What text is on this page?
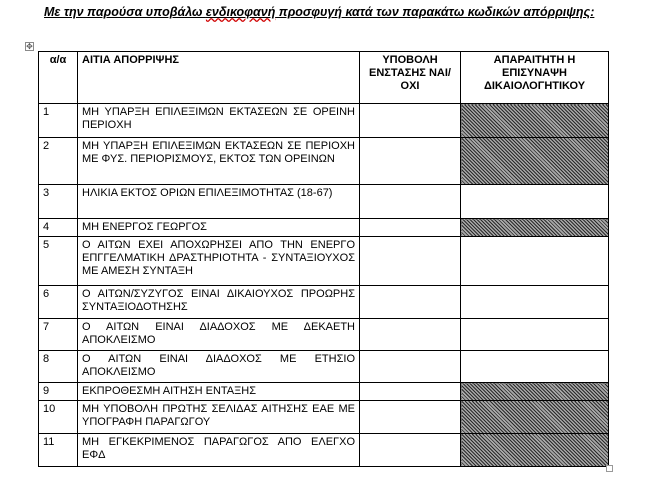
Με την παρούσα υποβάλω ενδικοφανή προσφυγή κατά των παρακάτω κωδικών απόρριψης:
✥
α/α	ΑΙΤΙΑ ΑΠΟΡΡΙΨΗΣ	ΥΠΟΒΟΛΗ ΕΝΣΤΑΣΗΣ ΝΑΙ/ΟΧΙ	ΑΠΑΡΑΙΤΗΤΗ Η ΕΠΙΣΥΝΑΨΗ ΔΙΚΑΙΟΛΟΓΗΤΙΚΟΥ
1	ΜΗ ΥΠΑΡΞΗ ΕΠΙΛΕΞΙΜΩΝ ΕΚΤΑΣΕΩΝ ΣΕ ΟΡΕΙΝΗ ΠΕΡΙΟΧΗ		
2	ΜΗ ΥΠΑΡΞΗ ΕΠΙΛΕΞΙΜΩΝ ΕΚΤΑΣΕΩΝ ΣΕ ΠΕΡΙΟΧΗ ΜΕ ΦΥΣ. ΠΕΡΙΟΡΙΣΜΟΥΣ, ΕΚΤΟΣ ΤΩΝ ΟΡΕΙΝΩΝ		
3	ΗΛΙΚΙΑ ΕΚΤΟΣ ΟΡΙΩΝ ΕΠΙΛΕΞΙΜΟΤΗΤΑΣ (18-67)		
4	ΜΗ ΕΝΕΡΓΟΣ ΓΕΩΡΓΟΣ		
5	Ο ΑΙΤΩΝ ΕΧΕΙ ΑΠΟΧΩΡΗΣΕΙ ΑΠΟ ΤΗΝ ΕΝΕΡΓΟ ΕΠΓΓΕΛΜΑΤΙΚΗ ΔΡΑΣΤΗΡΙΟΤΗΤΑ - ΣΥΝΤΑΞΙΟΥΧΟΣ ΜΕ ΑΜΕΣΗ ΣΥΝΤΑΞΗ		
6	Ο ΑΙΤΩΝ/ΣΥΖΥΓΟΣ ΕΙΝΑΙ ΔΙΚΑΙΟΥΧΟΣ ΠΡΟΩΡΗΣ ΣΥΝΤΑΞΙΟΔΟΤΗΣΗΣ		
7	Ο ΑΙΤΩΝ ΕΙΝΑΙ ΔΙΑΔΟΧΟΣ ΜΕ ΔΕΚΑΕΤΗ ΑΠΟΚΛΕΙΣΜΟ		
8	Ο ΑΙΤΩΝ ΕΙΝΑΙ ΔΙΑΔΟΧΟΣ ΜΕ ΕΤΗΣΙΟ ΑΠΟΚΛΕΙΣΜΟ		
9	ΕΚΠΡΟΘΕΣΜΗ ΑΙΤΗΣΗ ΕΝΤΑΞΗΣ		
10	ΜΗ ΥΠΟΒΟΛΗ ΠΡΩΤΗΣ ΣΕΛΙΔΑΣ ΑΙΤΗΣΗΣ ΕΑΕ ΜΕ ΥΠΟΓΡΑΦΗ ΠΑΡΑΓΩΓΟΥ		
11	ΜΗ ΕΓΚΕΚΡΙΜΕΝΟΣ ΠΑΡΑΓΩΓΟΣ ΑΠΟ ΕΛΕΓΧΟ ΕΦΔ		
